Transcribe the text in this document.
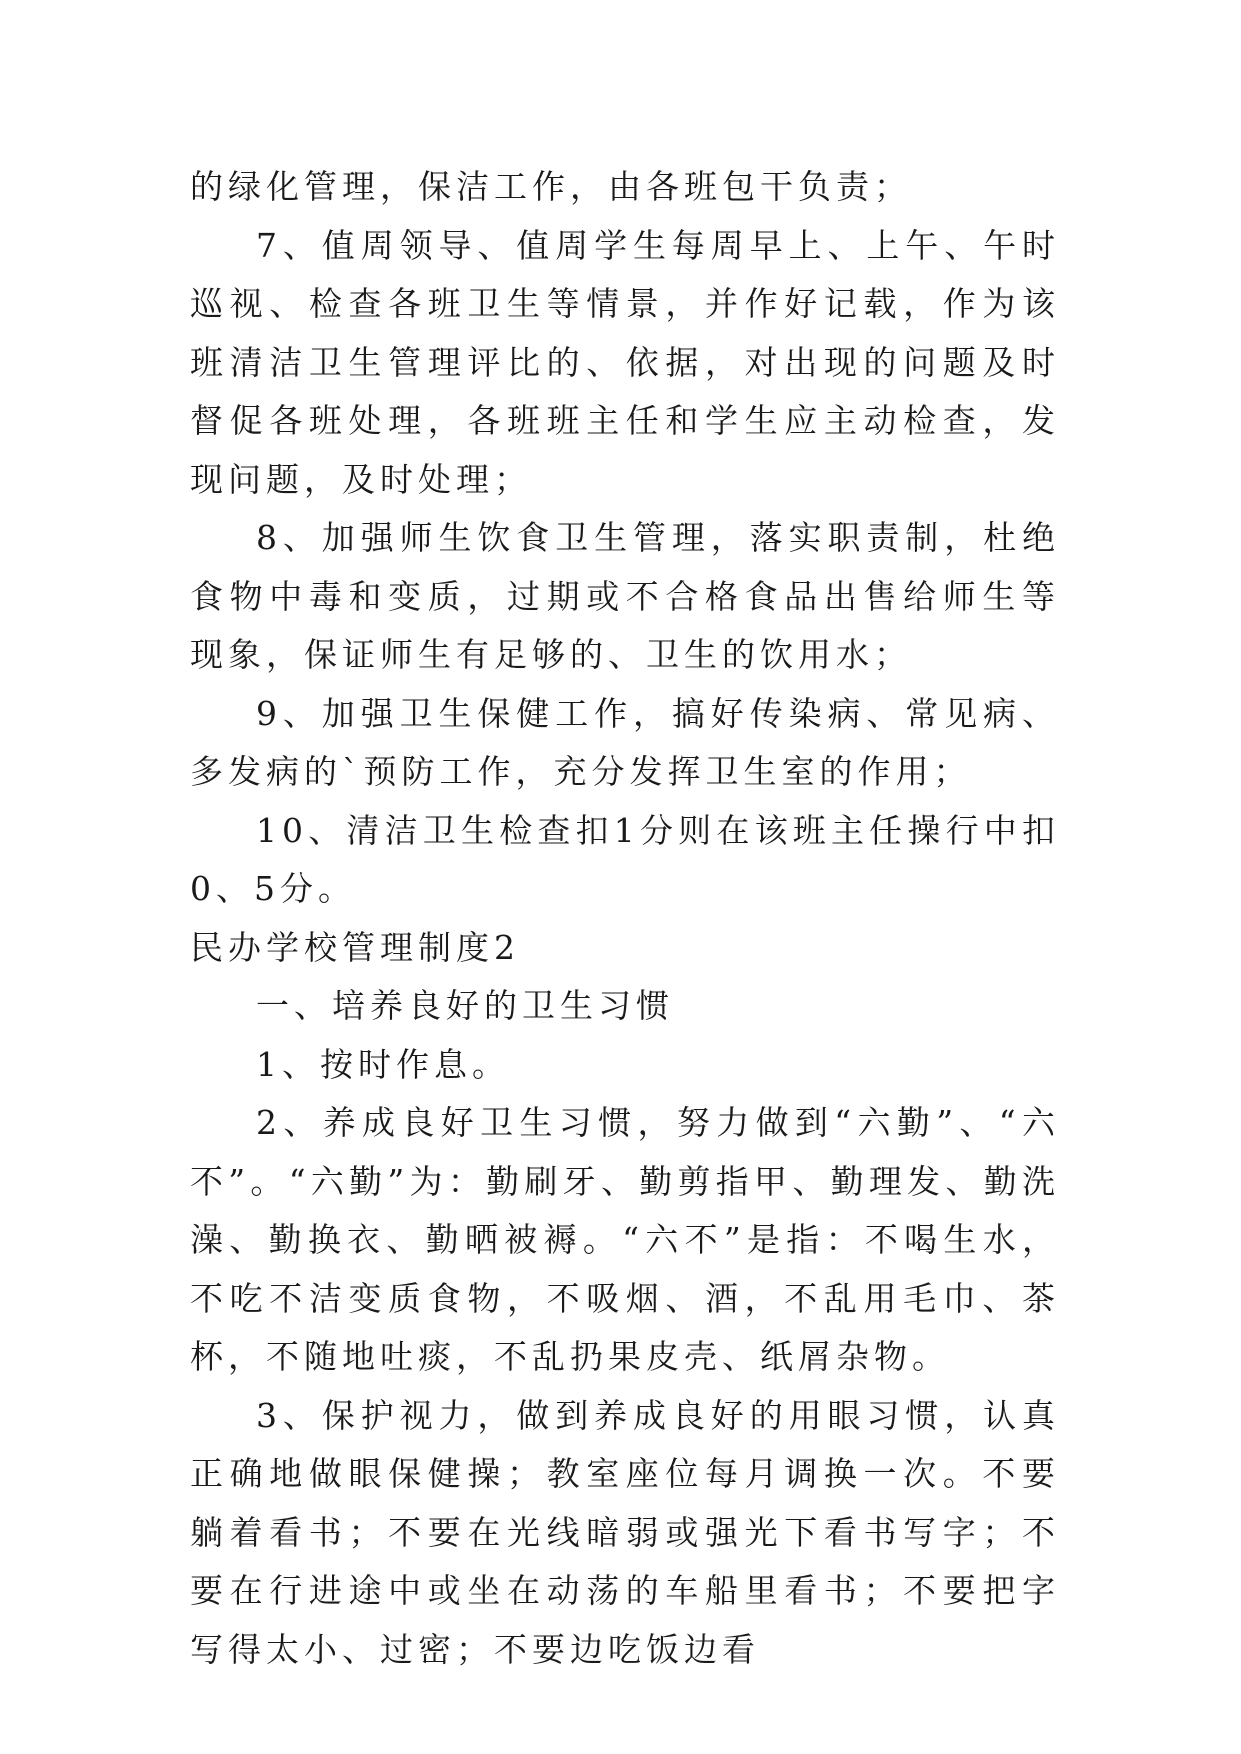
的绿化管理，保洁工作，由各班包干负责；

7、值周领导、值周学生每周早上、上午、午时巡视、检查各班卫生等情景，并作好记载，作为该班清洁卫生管理评比的、依据，对出现的问题及时督促各班处理，各班班主任和学生应主动检查，发现问题，及时处理；

8、加强师生饮食卫生管理，落实职责制，杜绝食物中毒和变质，过期或不合格食品出售给师生等现象，保证师生有足够的、卫生的饮用水；

9、加强卫生保健工作，搞好传染病、常见病、多发病的`预防工作，充分发挥卫生室的作用；

10、清洁卫生检查扣1分则在该班主任操行中扣0、5分。

民办学校管理制度2

一、培养良好的卫生习惯

1、按时作息。

2、养成良好卫生习惯，努力做到“六勤”、“六不”。“六勤”为：勤刷牙、勤剪指甲、勤理发、勤洗澡、勤换衣、勤晒被褥。“六不”是指：不喝生水，不吃不洁变质食物，不吸烟、酒，不乱用毛巾、茶杯，不随地吐痰，不乱扔果皮壳、纸屑杂物。

3、保护视力，做到养成良好的用眼习惯，认真正确地做眼保健操；教室座位每月调换一次。不要躺着看书；不要在光线暗弱或强光下看书写字；不要在行进途中或坐在动荡的车船里看书；不要把字写得太小、过密；不要边吃饭边看
